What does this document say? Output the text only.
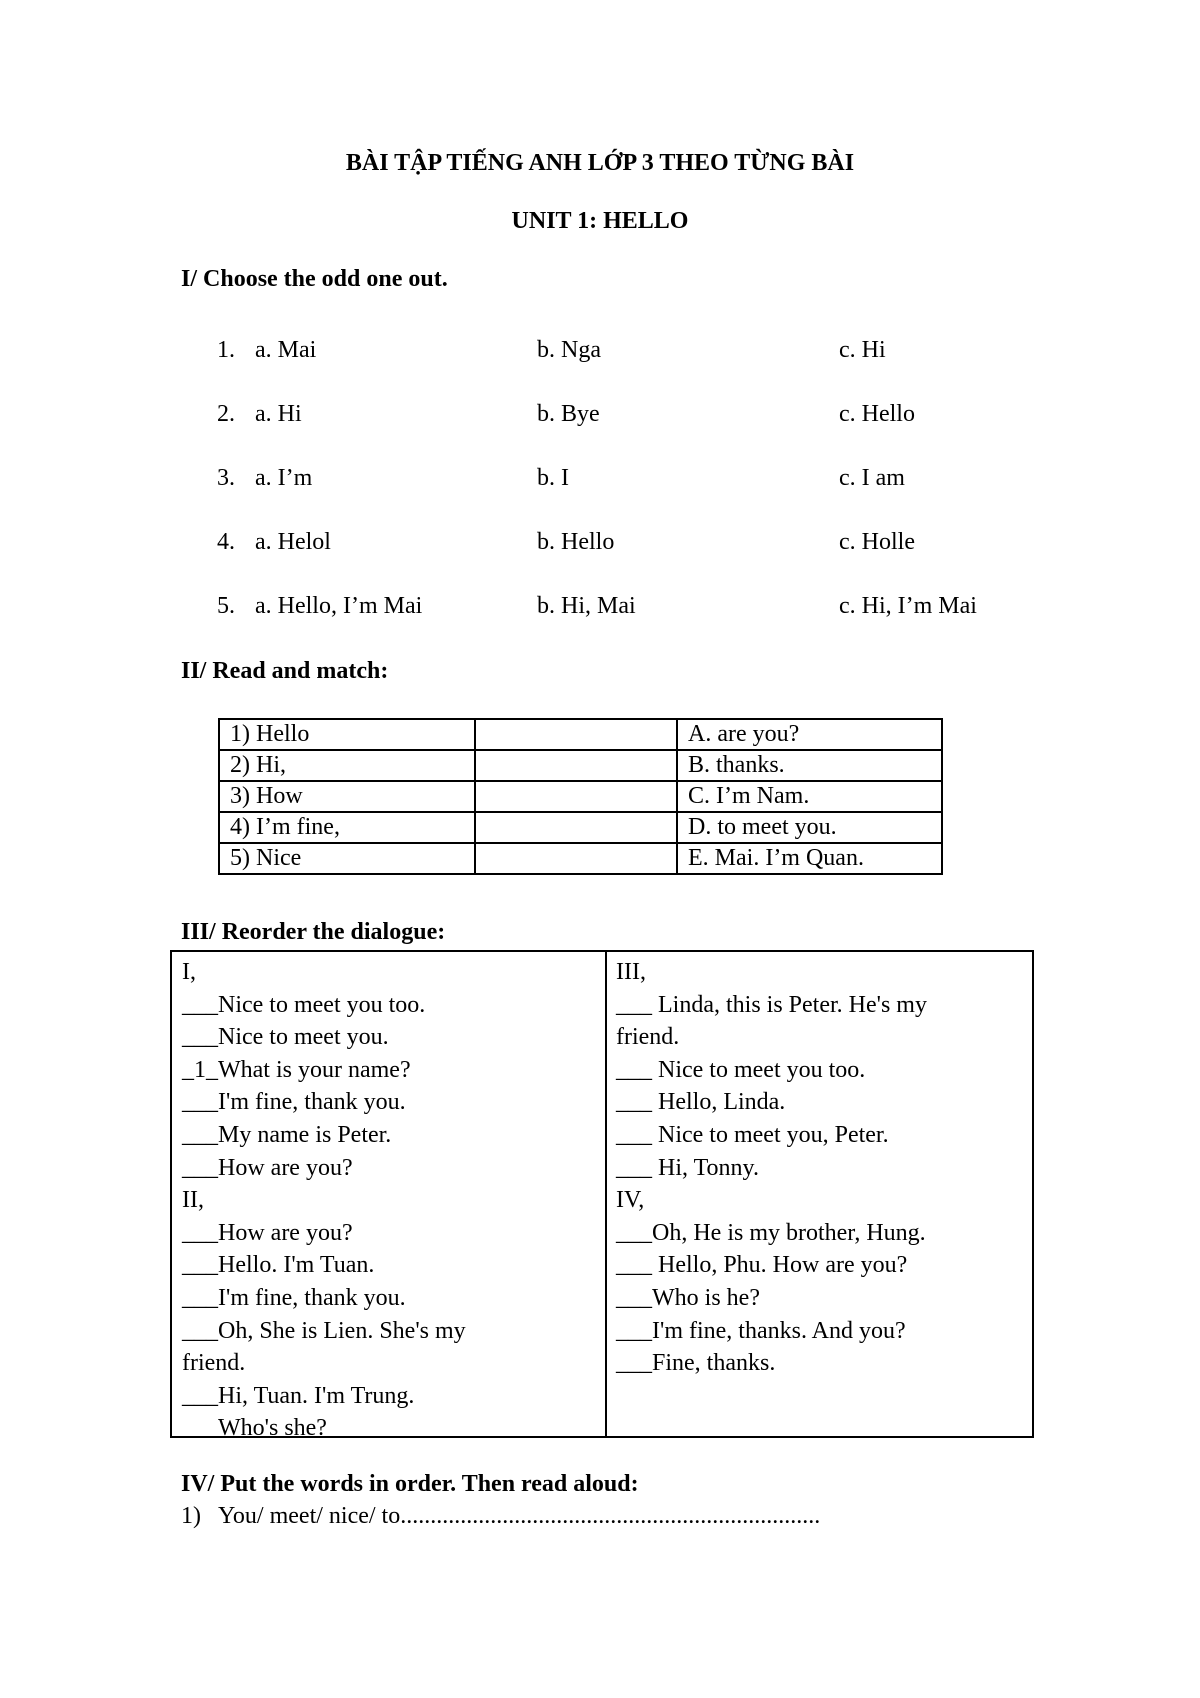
BÀI TẬP TIẾNG ANH LỚP 3 THEO TỪNG BÀI
UNIT 1: HELLO
I/ Choose the odd one out.
1. a. Mai	b. Nga	c. Hi
2. a. Hi	b. Bye	c. Hello
3. a. I’m	b. I	c. I am
4. a. Helol	b. Hello	c. Holle
5. a. Hello, I’m Mai	b. Hi, Mai	c. Hi, I’m Mai
II/ Read and match:
1) Hello		A. are you?
2) Hi,		B. thanks.
3) How		C. I’m Nam.
4) I’m fine,		D. to meet you.
5) Nice		E. Mai. I’m Quan.
III/ Reorder the dialogue:
I,
___Nice to meet you too.
___Nice to meet you.
_1_What is your name?
___I'm fine, thank you.
___My name is Peter.
___How are you?
II,
___How are you?
___Hello. I'm Tuan.
___I'm fine, thank you.
___Oh, She is Lien. She's my
friend.
___Hi, Tuan. I'm Trung.
___Who's she?
III,
___ Linda, this is Peter. He's my
friend.
___ Nice to meet you too.
___ Hello, Linda.
___ Nice to meet you, Peter.
___ Hi, Tonny.
IV,
___Oh, He is my brother, Hung.
___ Hello, Phu. How are you?
___Who is he?
___I'm fine, thanks. And you?
___Fine, thanks.
IV/ Put the words in order. Then read aloud:
1) You/ meet/ nice/ to......................................................................
